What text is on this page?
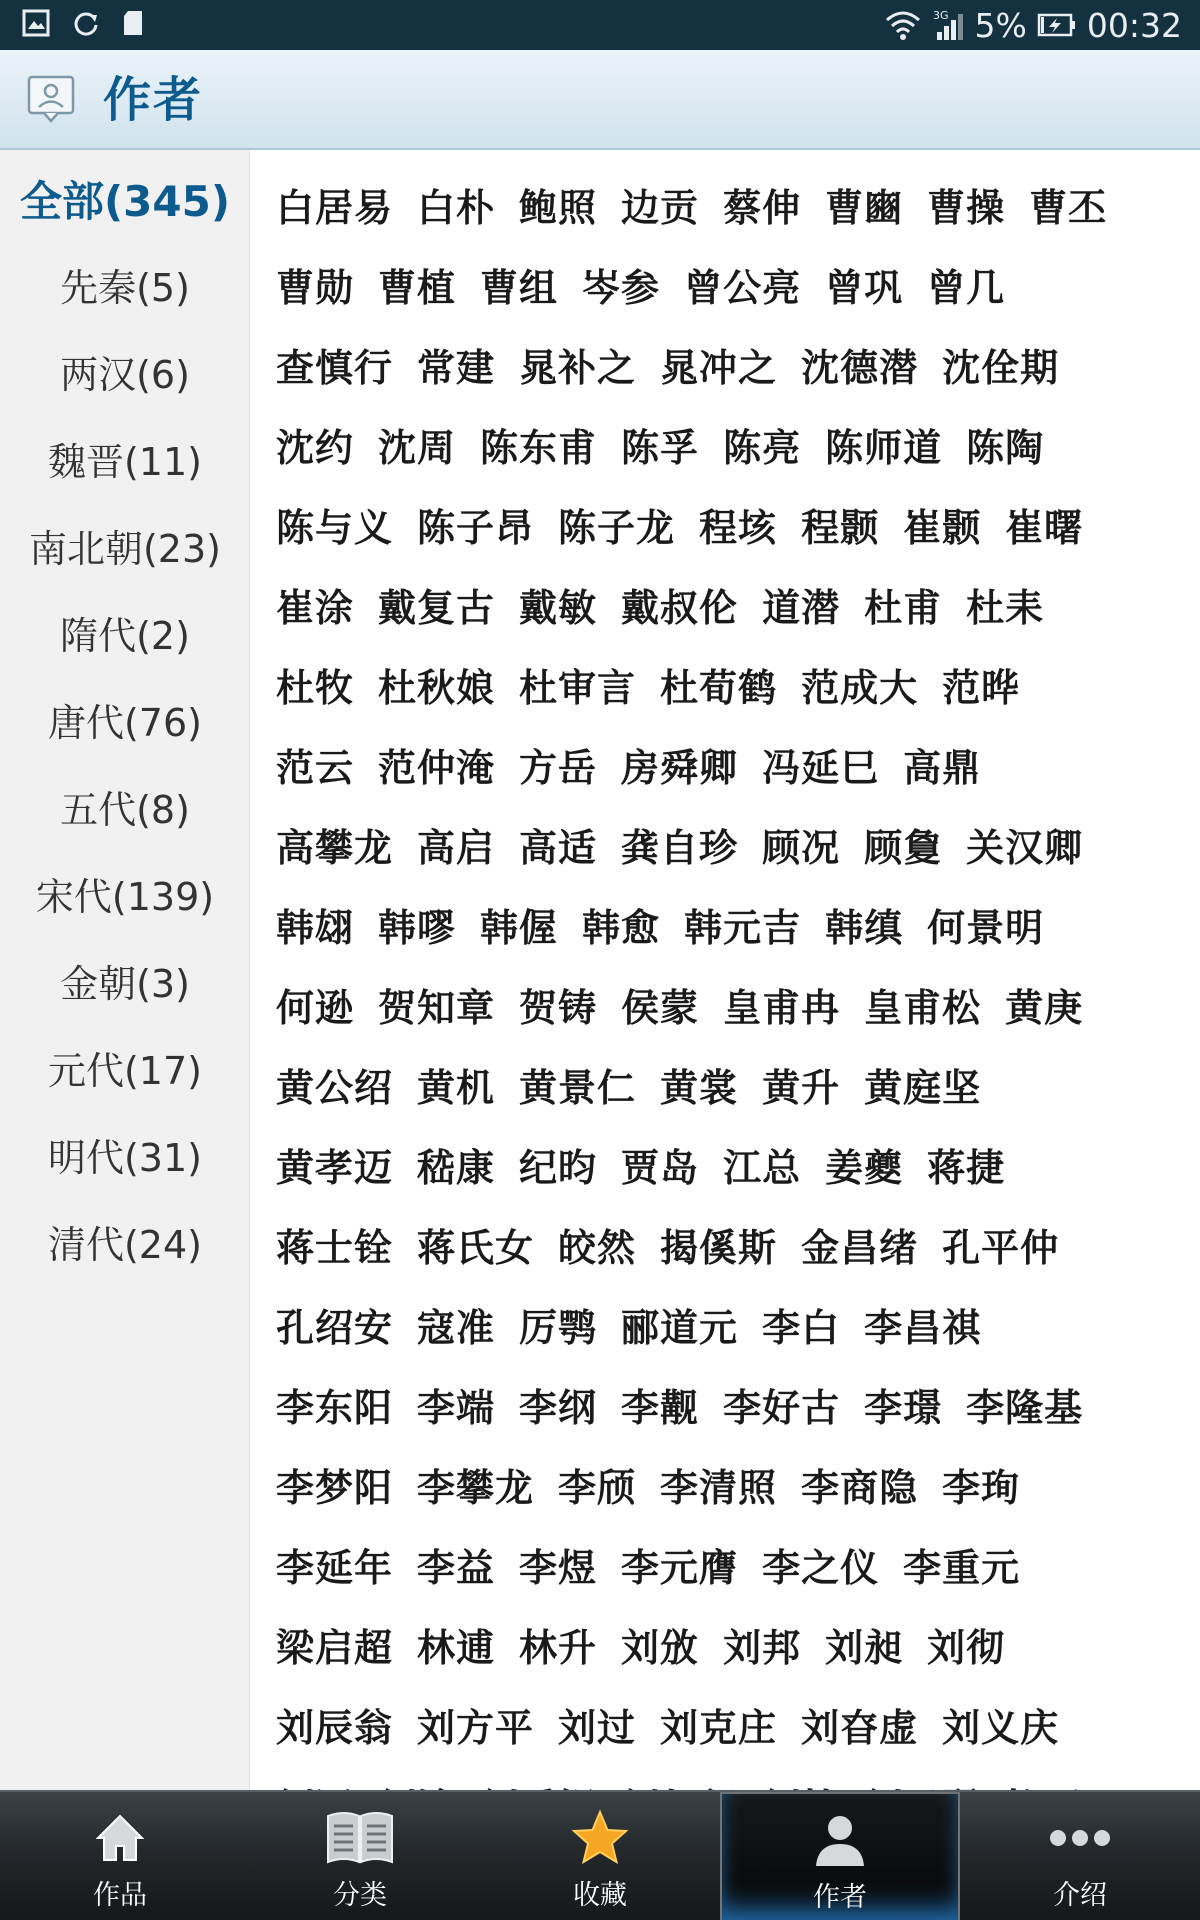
3G 5% 00:32
作者
全部(345)
先秦(5)
两汉(6)
魏晋(11)
南北朝(23)
隋代(2)
唐代(76)
五代(8)
宋代(139)
金朝(3)
元代(17)
明代(31)
清代(24)
白居易 白朴 鲍照 边贡 蔡伸 曹豳 曹操 曹丕
曹勋 曹植 曹组 岑参 曾公亮 曾巩 曾几
查慎行 常建 晁补之 晁冲之 沈德潜 沈佺期
沈约 沈周 陈东甫 陈孚 陈亮 陈师道 陈陶
陈与义 陈子昂 陈子龙 程垓 程颢 崔颢 崔曙
崔涂 戴复古 戴敏 戴叔伦 道潜 杜甫 杜耒
杜牧 杜秋娘 杜审言 杜荀鹤 范成大 范晔
范云 范仲淹 方岳 房舜卿 冯延巳 高鼎
高攀龙 高启 高适 龚自珍 顾况 顾敻 关汉卿
韩翃 韩嘐 韩偓 韩愈 韩元吉 韩缜 何景明
何逊 贺知章 贺铸 侯蒙 皇甫冉 皇甫松 黄庚
黄公绍 黄机 黄景仁 黄裳 黄升 黄庭坚
黄孝迈 嵇康 纪昀 贾岛 江总 姜夔 蒋捷
蒋士铨 蒋氏女 皎然 揭傒斯 金昌绪 孔平仲
孔绍安 寇准 厉鹗 郦道元 李白 李昌祺
李东阳 李端 李纲 李觏 李好古 李璟 李隆基
李梦阳 李攀龙 李颀 李清照 李商隐 李珣
李延年 李益 李煜 李元膺 李之仪 李重元
梁启超 林逋 林升 刘攽 刘邦 刘昶 刘彻
刘辰翁 刘方平 刘过 刘克庄 刘昚虚 刘义庆
作品	分类	收藏	作者	介绍
